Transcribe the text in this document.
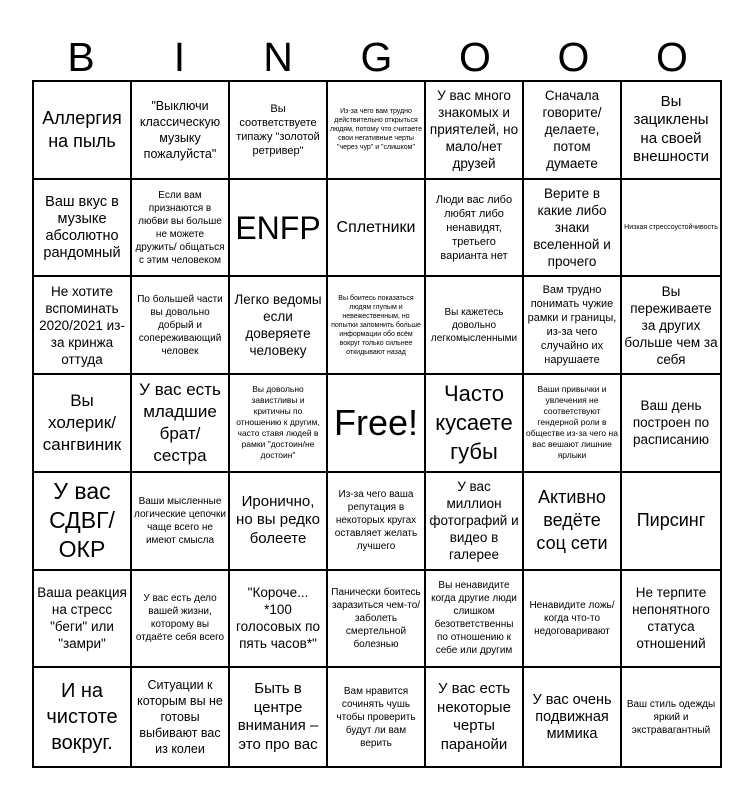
B	I	N	G	O	O	O
Аллергия на пыль
"Выключи классическую музыку пожалуйста"
Вы соответствуете типажу "золотой ретривер"
Из-за чего вам трудно действительно открыться людям, потому что считаете свои негативные черты "через чур" и "слишком"
У вас много знакомых и приятелей, но мало/нет друзей
Сначала говорите/ делаете, потом думаете
Вы зациклены на своей внешности
Ваш вкус в музыке абсолютно рандомный
Если вам признаются в любви вы больше не можете дружить/ общаться с этим человеком
ENFP Сплетники
Люди вас либо любят либо ненавидят, третьего варианта нет
Верите в какие либо знаки вселенной и прочего
Низкая стрессоустойчивость
Не хотите вспоминать 2020/2021 из-за кринжа оттуда
По большей части вы довольно добрый и сопереживающий человек
Легко ведомы если доверяете человеку
Вы боитесь показаться людям глупым и невежественным, но попытки запомнить больше информации обо всём вокруг только сильнее откидывают назад
Вы кажетесь довольно легкомысленными
Вам трудно понимать чужие рамки и границы, из-за чего случайно их нарушаете
Вы переживаете за других больше чем за себя
Вы холерик/ сангвиник
У вас есть младшие брат/ сестра
Вы довольно завистливы и критичны по отношению к другим, часто ставя людей в рамки "достоин/не достоин"
Free!
Часто кусаете губы
Ваши привычки и увлечения не соответствуют гендерной роли в обществе из-за чего на вас вешают лишние ярлыки
Ваш день построен по расписанию
У вас СДВГ/ ОКР
Ваши мысленные логические цепочки чаще всего не имеют смысла
Иронично, но вы редко болеете
Из-за чего ваша репутация в некоторых кругах оставляет желать лучшего
У вас миллион фотографий и видео в галерее
Активно ведёте соц сети
Пирсинг
Ваша реакция на стресс "беги" или "замри"
У вас есть дело вашей жизни, которому вы отдаёте себя всего
"Короче... *100 голосовых по пять часов*"
Панически боитесь заразиться чем-то/заболеть смертельной болезнью
Вы ненавидите когда другие люди слишком безответственны по отношению к себе или другим
Ненавидите ложь/когда что-то недоговаривают
Не терпите непонятного статуса отношений
И на чистоте вокруг.
Ситуации к которым вы не готовы выбивают вас из колеи
Быть в центре внимания – это про вас
Вам нравится сочинять чушь чтобы проверить будут ли вам верить
У вас есть некоторые черты паранойи
У вас очень подвижная мимика
Ваш стиль одежды яркий и экстравагантный
